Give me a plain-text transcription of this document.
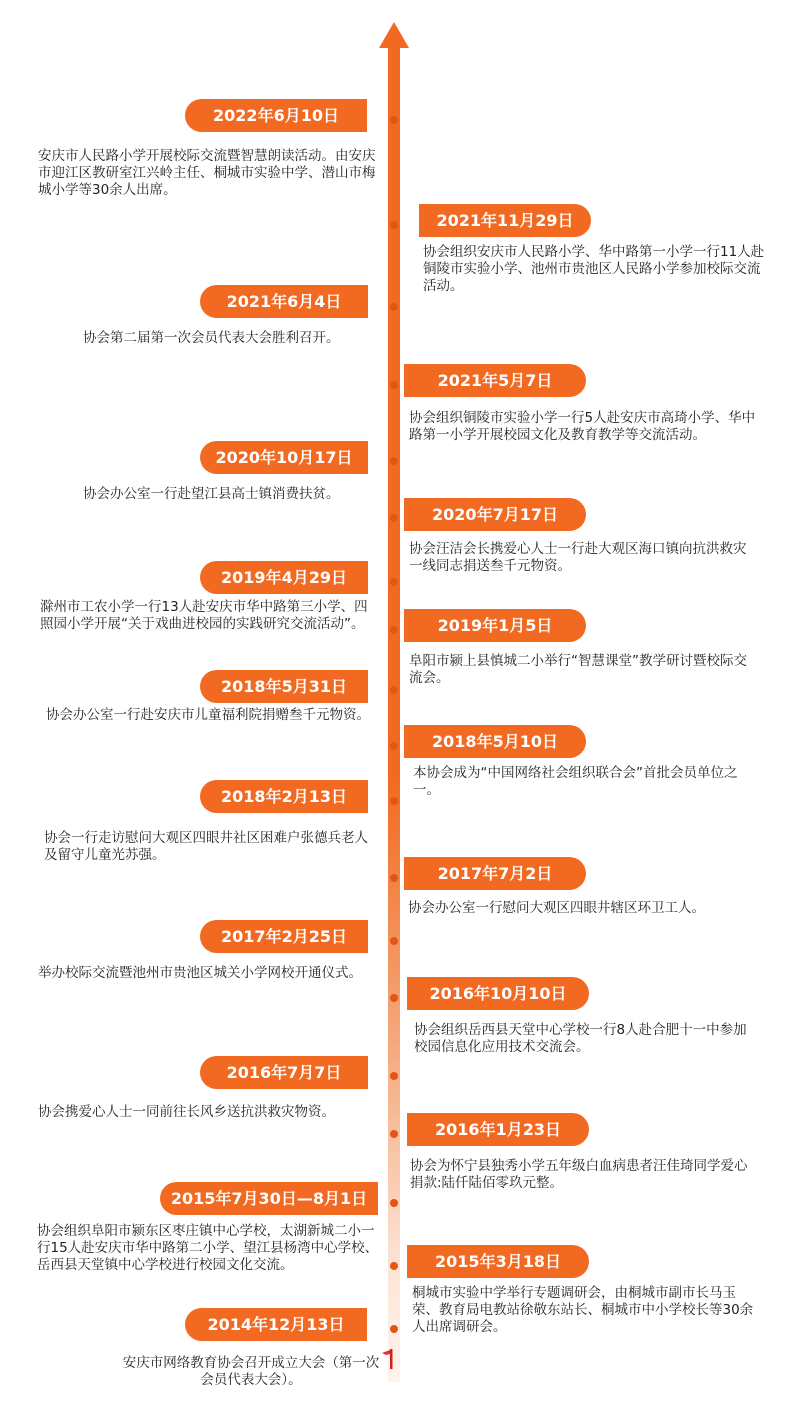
2022年6月10日
安庆市人民路小学开展校际交流暨智慧朗读活动。由安庆市迎江区教研室江兴岭主任、桐城市实验中学、潜山市梅城小学等30余人出席。
2021年11月29日
协会组织安庆市人民路小学、华中路第一小学一行11人赴铜陵市实验小学、池州市贵池区人民路小学参加校际交流活动。
2021年6月4日
协会第二届第一次会员代表大会胜利召开。
2021年5月7日
协会组织铜陵市实验小学一行5人赴安庆市高琦小学、华中路第一小学开展校园文化及教育教学等交流活动。
2020年10月17日
协会办公室一行赴望江县高士镇消费扶贫。
2020年7月17日
协会汪洁会长携爱心人士一行赴大观区海口镇向抗洪救灾一线同志捐送叁千元物资。
2019年4月29日
滁州市工农小学一行13人赴安庆市华中路第三小学、四照园小学开展“关于戏曲进校园的实践研究交流活动”。	2019年1月5日
阜阳市颍上县慎城二小举行“智慧课堂”教学研讨暨校际交流会。
2018年5月31日
协会办公室一行赴安庆市儿童福利院捐赠叁千元物资。
2018年5月10日
本协会成为“中国网络社会组织联合会”首批会员单位之一。
2018年2月13日
协会一行走访慰问大观区四眼井社区困难户张德兵老人及留守儿童光苏强。
2017年7月2日
协会办公室一行慰问大观区四眼井辖区环卫工人。
2017年2月25日
举办校际交流暨池州市贵池区城关小学网校开通仪式。
2016年10月10日
协会组织岳西县天堂中心学校一行8人赴合肥十一中参加校园信息化应用技术交流会。
2016年7月7日
协会携爱心人士一同前往长风乡送抗洪救灾物资。
2016年1月23日
协会为怀宁县独秀小学五年级白血病患者汪佳琦同学爱心捐款:陆仟陆佰零玖元整。
2015年7月30日—8月1日
协会组织阜阳市颍东区枣庄镇中心学校，太湖新城二小一行15人赴安庆市华中路第二小学、望江县杨湾中心学校、岳西县天堂镇中心学校进行校园文化交流。	2015年3月18日
桐城市实验中学举行专题调研会，由桐城市副市长马玉荣、教育局电教站徐敬东站长、桐城市中小学校长等30余人出席调研会。
2014年12月13日
安庆市网络教育协会召开成立大会（第一次会员代表大会）。
